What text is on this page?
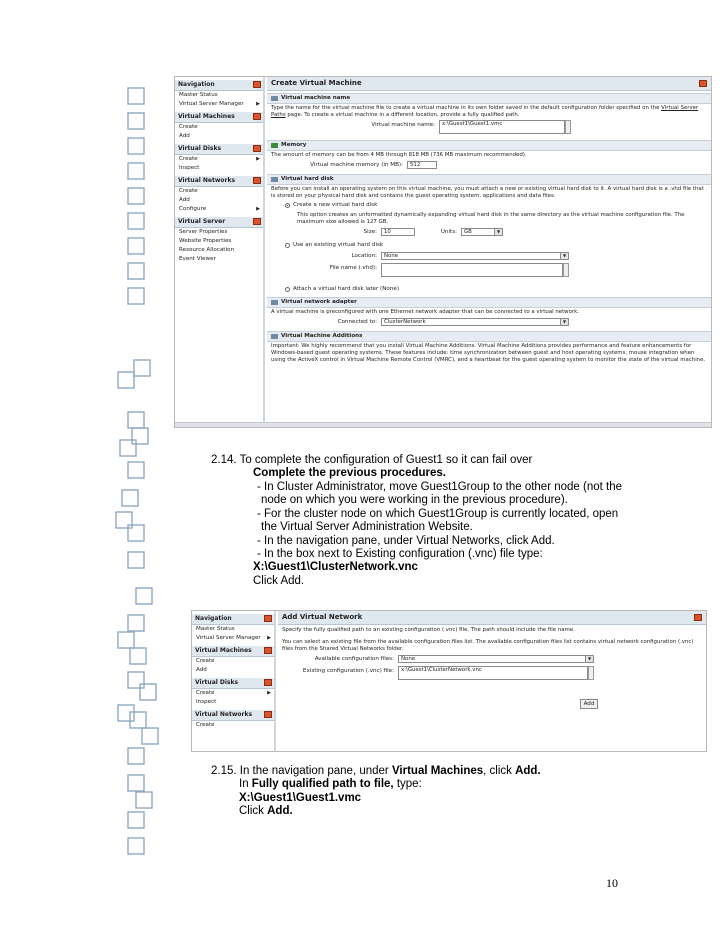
Navigation
Master Status
Virtual Server Manager ▶
Virtual Machines
Create
Add
Virtual Disks
Create	▶
Inspect
Virtual Networks
Create
Add
Configure	▶
Virtual Server
Server Properties
Website Properties
Resource Allocation
Event Viewer
Create Virtual Machine
Virtual machine name
Type the name for the virtual machine file to create a virtual machine in its own folder saved in the default configuration folder specified on the Virtual Server Paths page. To create a virtual machine in a different location, provide a fully qualified path.
Virtual machine name:	x:\Guest1\Guest1.vmc
Memory
The amount of memory can be from 4 MB through 818 MB (736 MB maximum recommended).
Virtual machine memory (in MB):	512
Virtual hard disk
Before you can install an operating system on this virtual machine, you must attach a new or existing virtual hard disk to it. A virtual hard disk is a .vhd file that is stored on your physical hard disk and contains the guest operating system, applications and data files.
Create a new virtual hard disk
This option creates an unformatted dynamically expanding virtual hard disk in the same directory as the virtual machine configuration file. The maximum size allowed is 127 GB.
Size:	10	Units:	GB	▼
Use an existing virtual hard disk
Location:	None	▼
File name (.vhd):
Attach a virtual hard disk later (None)
Virtual network adapter
A virtual machine is preconfigured with one Ethernet network adapter that can be connected to a virtual network.
Connected to:	ClusterNetwork	▼
Virtual Machine Additions
Important: We highly recommend that you install Virtual Machine Additions. Virtual Machine Additions provides performance and feature enhancements for Windows-based guest operating systems. These features include: time synchronization between guest and host operating systems, mouse integration when using the ActiveX control in Virtual Machine Remote Control (VMRC), and a heartbeat for the guest operating system to monitor the state of the virtual machine.
2.14. To complete the configuration of Guest1 so it can fail over
Complete the previous procedures.
- In Cluster Administrator, move Guest1Group to the other node (not the
node on which you were working in the previous procedure).
- For the cluster node on which Guest1Group is currently located, open
the Virtual Server Administration Website.
- In the navigation pane, under Virtual Networks, click Add.
- In the box next to Existing configuration (.vnc) file type:
X:\Guest1\ClusterNetwork.vnc
Click Add.
Navigation
Master Status
Virtual Server Manager ▶
Virtual Machines
Create
Add
Virtual Disks
Create	▶
Inspect
Virtual Networks
Create
Add Virtual Network
Specify the fully qualified path to an existing configuration (.vnc) file. The path should include the file name.
You can select an existing file from the available configuration files list. The available configuration files list contains virtual network configuration (.vnc) files from the Shared Virtual Networks folder.
Available configuration files:	None	▼
Existing configuration (.vnc) file:	x:\Guest1\ClusterNetwork.vnc
Add
2.15. In the navigation pane, under Virtual Machines, click Add.
In Fully qualified path to file, type:
X:\Guest1\Guest1.vmc
Click Add.
10
